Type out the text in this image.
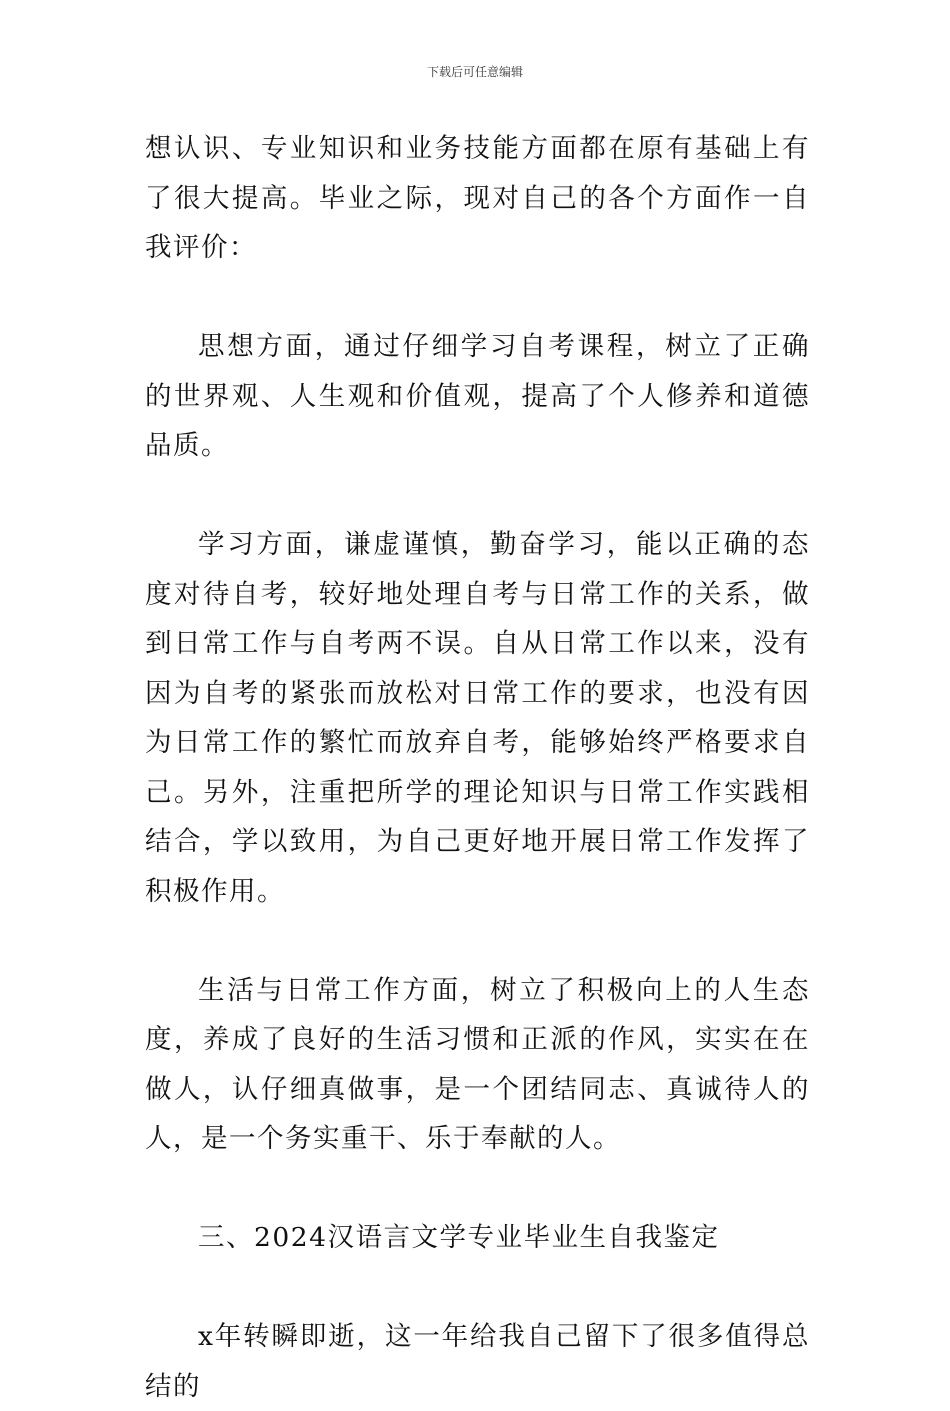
下载后可任意编辑

想认识、专业知识和业务技能方面都在原有基础上有了很大提高。毕业之际，现对自己的各个方面作一自我评价：

思想方面，通过仔细学习自考课程，树立了正确的世界观、人生观和价值观，提高了个人修养和道德品质。

学习方面，谦虚谨慎，勤奋学习，能以正确的态度对待自考，较好地处理自考与日常工作的关系，做到日常工作与自考两不误。自从日常工作以来，没有因为自考的紧张而放松对日常工作的要求，也没有因为日常工作的繁忙而放弃自考，能够始终严格要求自己。另外，注重把所学的理论知识与日常工作实践相结合，学以致用，为自己更好地开展日常工作发挥了积极作用。

生活与日常工作方面，树立了积极向上的人生态度，养成了良好的生活习惯和正派的作风，实实在在做人，认仔细真做事，是一个团结同志、真诚待人的人，是一个务实重干、乐于奉献的人。

三、2024汉语言文学专业毕业生自我鉴定

x年转瞬即逝，这一年给我自己留下了很多值得总结的
